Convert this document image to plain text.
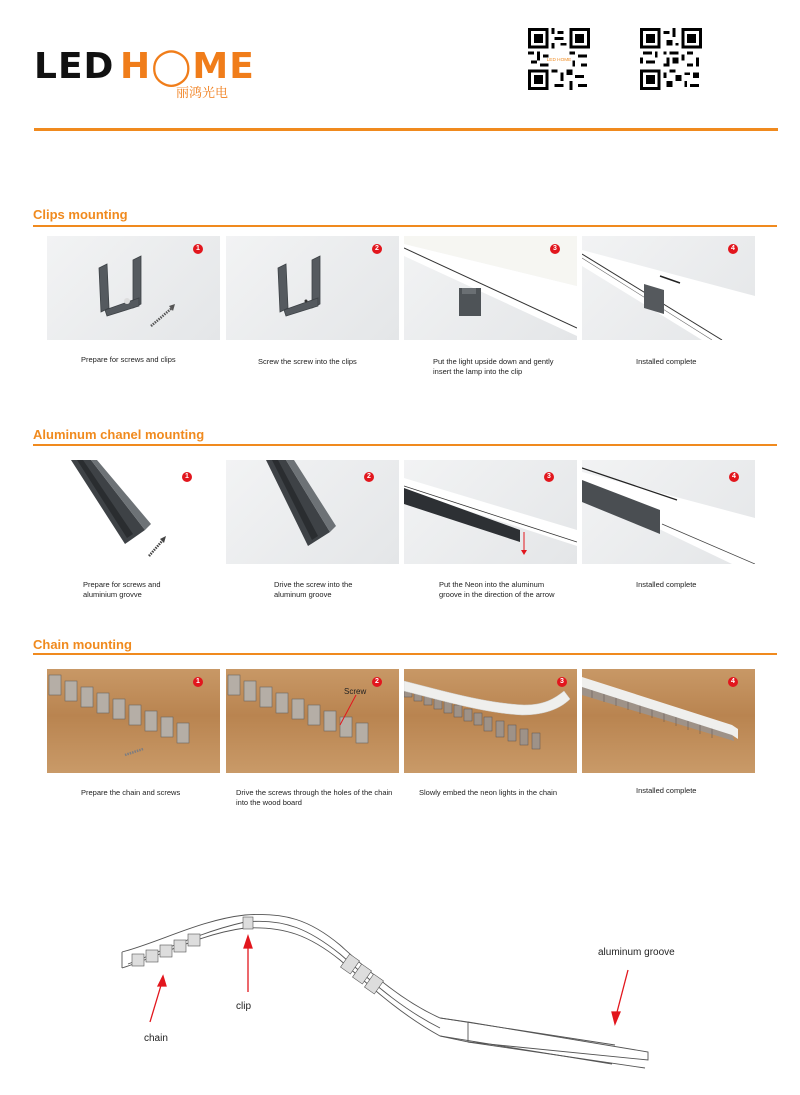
LED H◯ME
丽鸿光电
LED HOME
Clips mounting
1
Prepare for screws and clips
2
Screw the screw into the clips
3
Put the light upside down and gently insert the lamp into the clip
4
Installed complete
Aluminum chanel mounting
1
Prepare for screws and aluminium grovve
2
Drive the screw into the aluminum groove
3
Put the Neon into the aluminum groove in the direction of the arrow
4
Installed complete
Chain mounting
1
Prepare the chain and screws
Screw
2
Drive the screws through the holes of the chain into the wood board
3
Slowly embed the neon lights in the chain
4
Installed complete
chain
clip
aluminum groove
